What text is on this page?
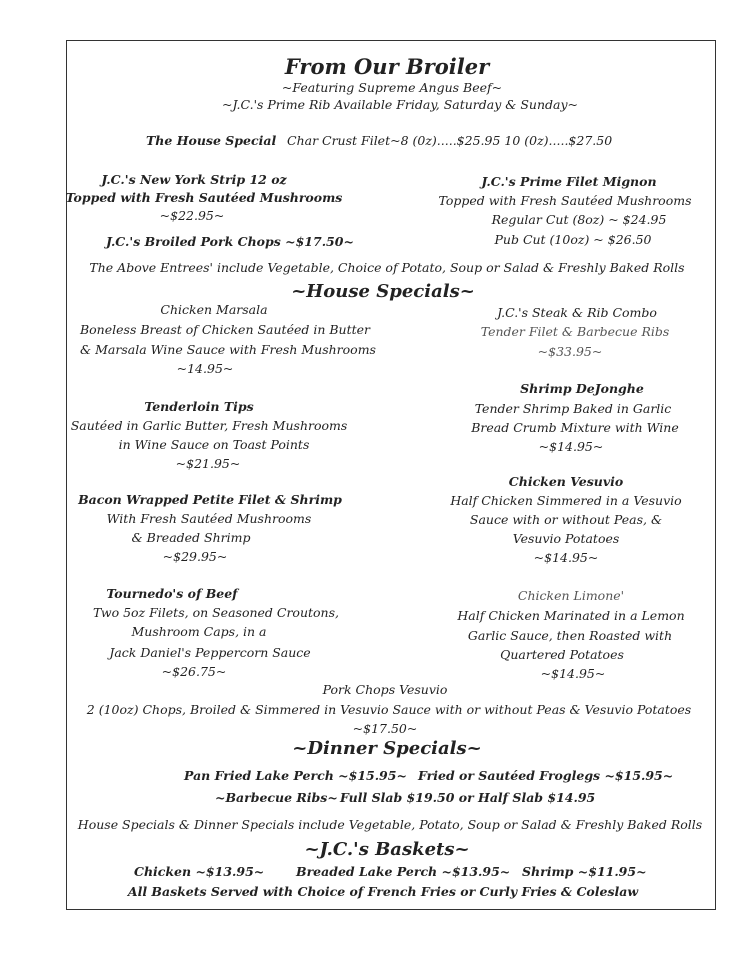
From Our Broiler
~Featuring Supreme Angus Beef~
~J.C.'s Prime Rib Available Friday, Saturday & Sunday~
The House Special Char Crust Filet~8 (0z).....$25.95 10 (0z).....$27.50
J.C.'s New York Strip 12 oz
Topped with Fresh Sautéed Mushrooms
~$22.95~
J.C.'s Broiled Pork Chops ~$17.50~
J.C.'s Prime Filet Mignon
Topped with Fresh Sautéed Mushrooms
Regular Cut (8oz) ~ $24.95
Pub Cut (10oz) ~ $26.50
The Above Entrees' include Vegetable, Choice of Potato, Soup or Salad & Freshly Baked Rolls
~House Specials~
Chicken Marsala
Boneless Breast of Chicken Sautéed in Butter
& Marsala Wine Sauce with Fresh Mushrooms
~14.95~
J.C.'s Steak & Rib Combo
Tender Filet & Barbecue Ribs
~$33.95~
Tenderloin Tips
Sautéed in Garlic Butter, Fresh Mushrooms
in Wine Sauce on Toast Points
~$21.95~
Shrimp DeJonghe
Tender Shrimp Baked in Garlic
Bread Crumb Mixture with Wine
~$14.95~
Bacon Wrapped Petite Filet & Shrimp
With Fresh Sautéed Mushrooms
& Breaded Shrimp
~$29.95~
Chicken Vesuvio
Half Chicken Simmered in a Vesuvio
Sauce with or without Peas, &
Vesuvio Potatoes
~$14.95~
Tournedo's of Beef
Two 5oz Filets, on Seasoned Croutons,
Mushroom Caps, in a
Jack Daniel's Peppercorn Sauce
~$26.75~
Chicken Limone'
Half Chicken Marinated in a Lemon
Garlic Sauce, then Roasted with
Quartered Potatoes
~$14.95~
Pork Chops Vesuvio
2 (10oz) Chops, Broiled & Simmered in Vesuvio Sauce with or without Peas & Vesuvio Potatoes
~$17.50~
~Dinner Specials~
Pan Fried Lake Perch ~$15.95~ Fried or Sautéed Froglegs ~$15.95~
~Barbecue Ribs~ Full Slab $19.50 or Half Slab $14.95
House Specials & Dinner Specials include Vegetable, Potato, Soup or Salad & Freshly Baked Rolls
~J.C.'s Baskets~
Chicken ~$13.95~	Breaded Lake Perch ~$13.95~ Shrimp ~$11.95~
All Baskets Served with Choice of French Fries or Curly Fries & Coleslaw
